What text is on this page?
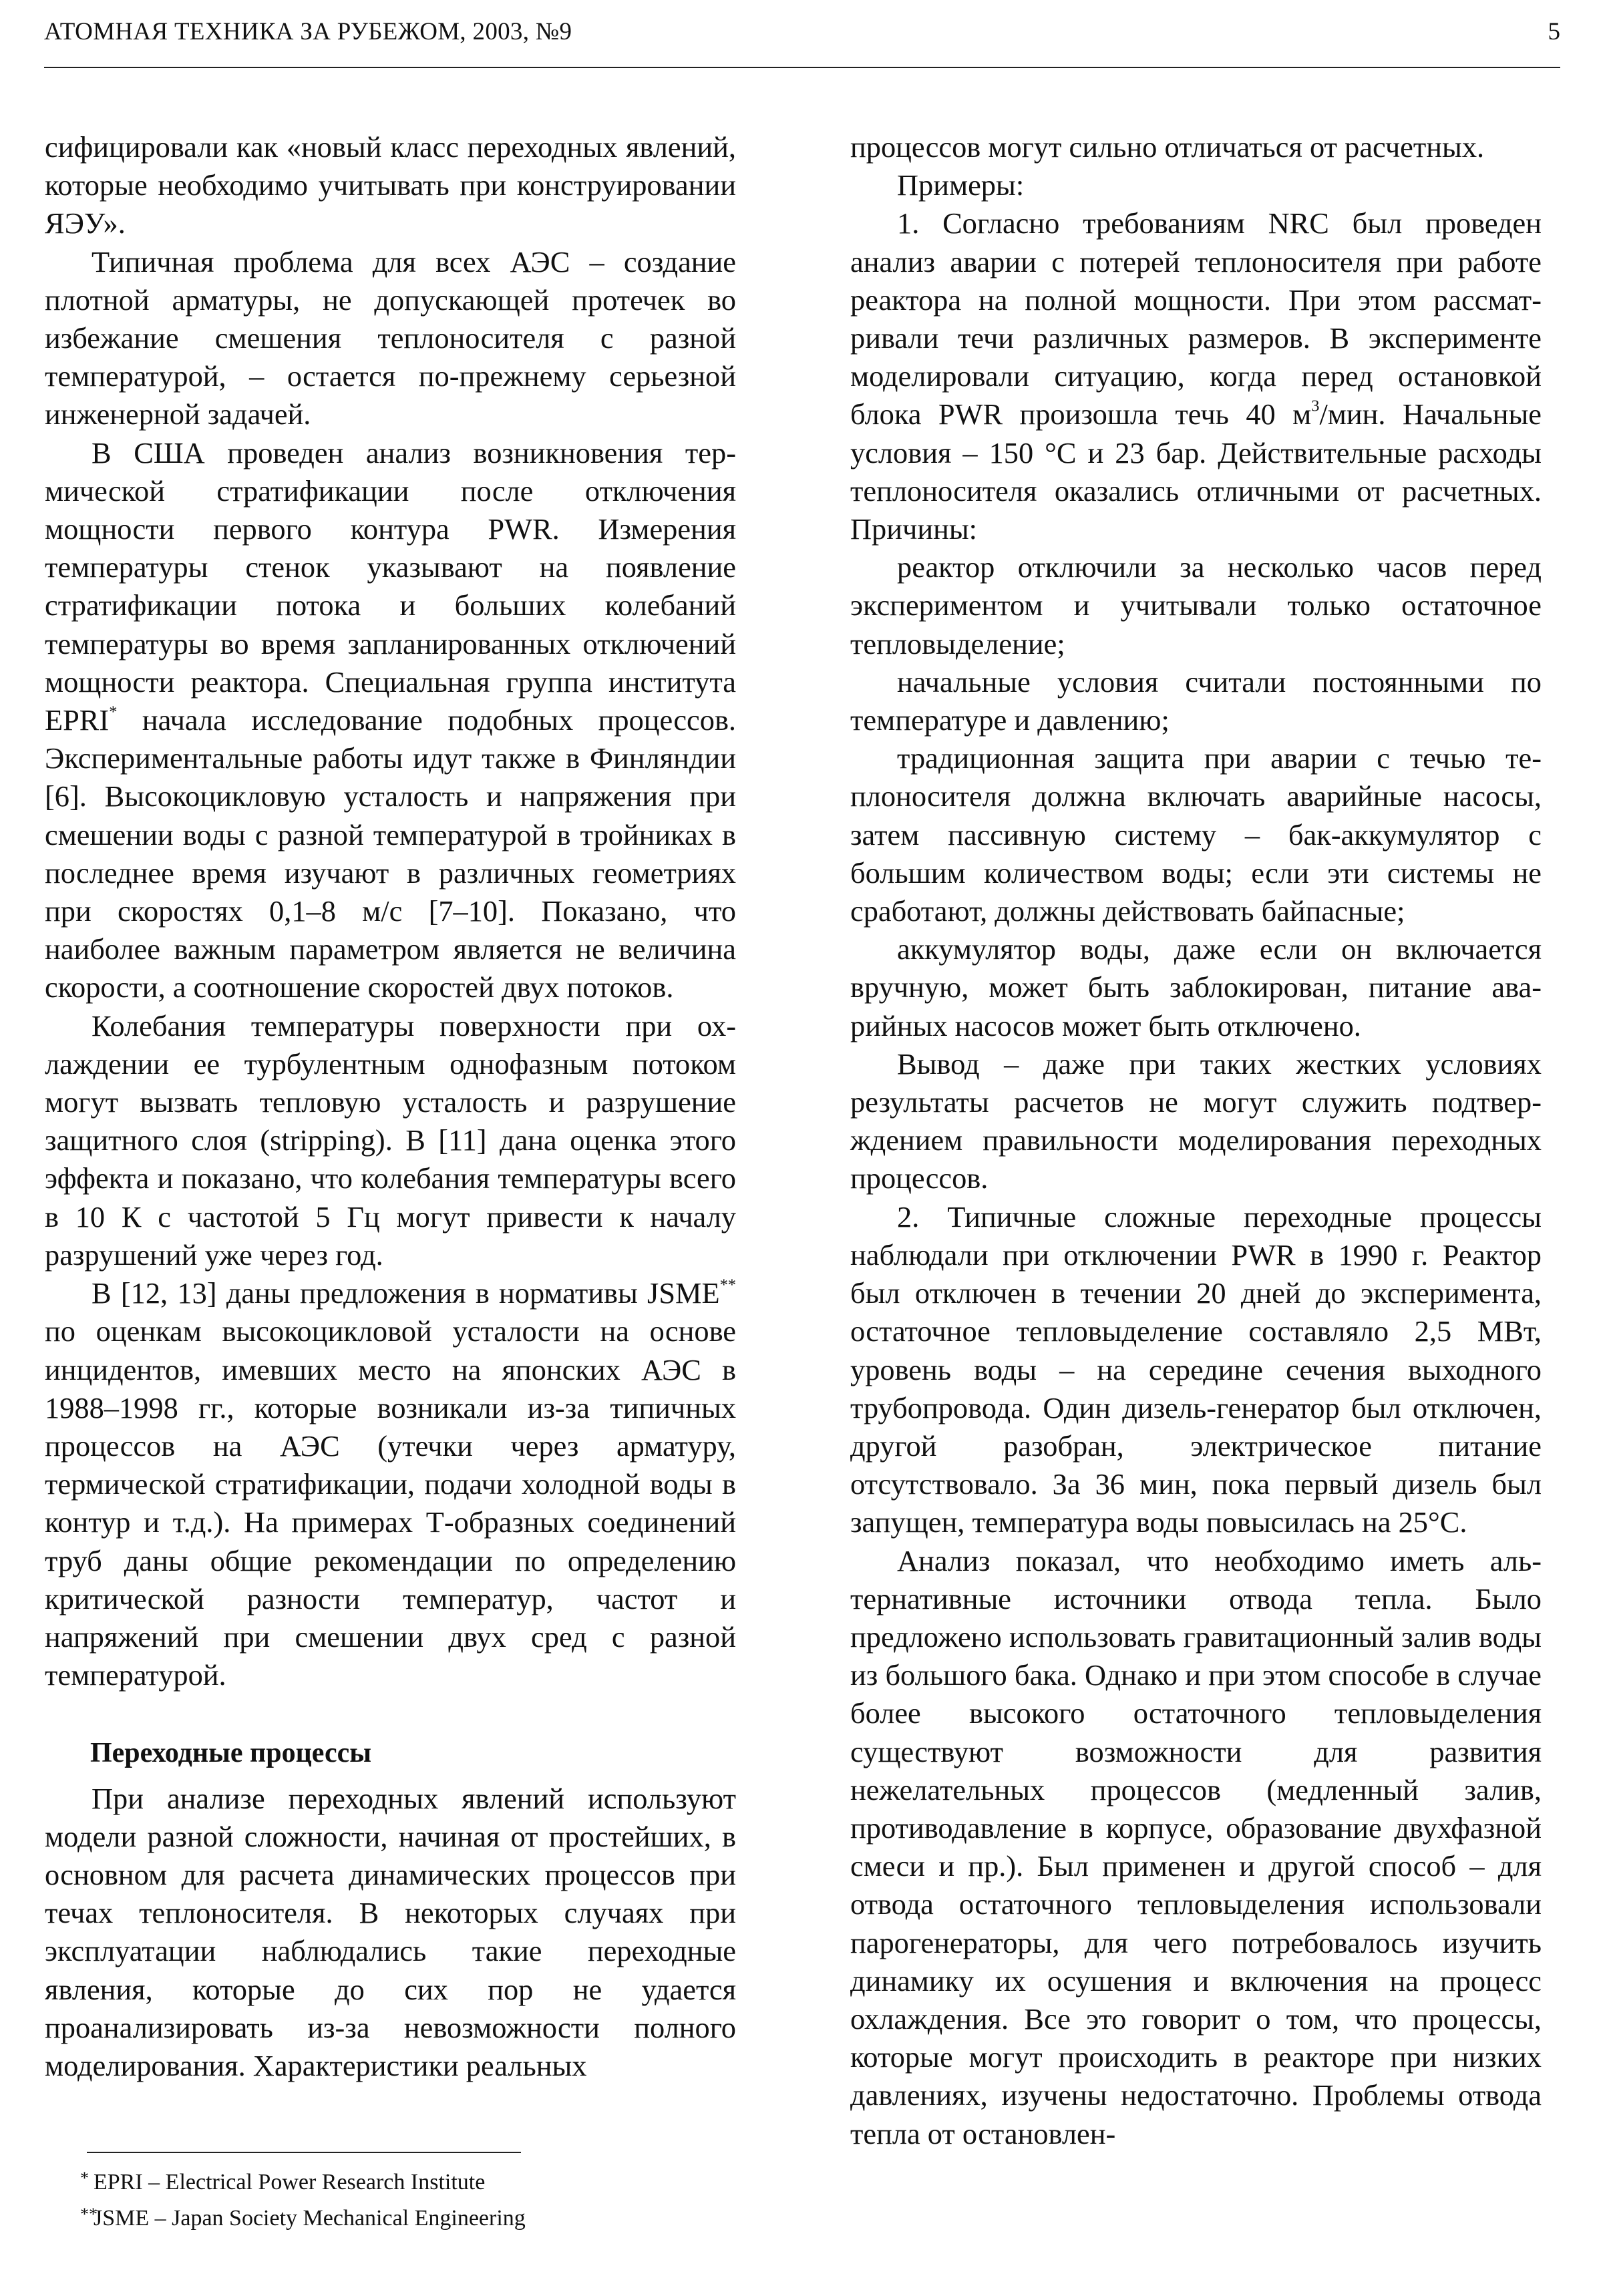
АТОМНАЯ ТЕХНИКА ЗА РУБЕЖОМ, 2003, №9	5

сифицировали как «новый класс переходных явлений, которые необходимо учитывать при конструировании ЯЭУ».

Типичная проблема для всех АЭС – создание плотной арматуры, не допускающей протечек во избежание смешения теплоносителя с разной температурой, – остается по-прежнему серьезной инженерной задачей.

В США проведен анализ возникновения термической стратификации после отключения мощности первого контура PWR. Измерения температуры стенок указывают на появление стратификации потока и больших колебаний температуры во время запланированных отключений мощности реактора. Специальная группа института EPRI* начала исследование подобных процессов. Экспериментальные работы идут также в Финляндии [6]. Высокоцикловую усталость и напряжения при смешении воды с разной температурой в тройниках в последнее время изучают в различных геометриях при скоростях 0,1–8 м/с [7–10]. Показано, что наиболее важным параметром является не величина скорости, а соотношение скоростей двух потоков.

Колебания температуры поверхности при охлаждении ее турбулентным однофазным потоком могут вызвать тепловую усталость и разрушение защитного слоя (stripping). В [11] дана оценка этого эффекта и показано, что колебания температуры всего в 10 К с частотой 5 Гц могут привести к началу разрушений уже через год.

В [12, 13] даны предложения в нормативы JSME** по оценкам высокоцикловой усталости на основе инцидентов, имевших место на японских АЭС в 1988–1998 гг., которые возникали из-за типичных процессов на АЭС (утечки через арматуру, термической стратификации, подачи холодной воды в контур и т.д.). На примерах Т-образных соединений труб даны общие рекомендации по определению критической разности температур, частот и напряжений при смешении двух сред с разной температурой.

Переходные процессы

При анализе переходных явлений используют модели разной сложности, начиная от простейших, в основном для расчета динамических процессов при течах теплоносителя. В некоторых случаях при эксплуатации наблюдались такие переходные явления, которые до сих пор не удается проанализировать из-за невозможности полного моделирования. Характеристики реальных

процессов могут сильно отличаться от расчетных.

Примеры:

1. Согласно требованиям NRC был проведен анализ аварии с потерей теплоносителя при работе реактора на полной мощности. При этом рассматривали течи различных размеров. В эксперименте моделировали ситуацию, когда перед остановкой блока PWR произошла течь 40 $м^3$/мин. Начальные условия – 150 °С и 23 бар. Действительные расходы теплоносителя оказались отличными от расчетных. Причины:

реактор отключили за несколько часов перед экспериментом и учитывали только остаточное тепловыделение;

начальные условия считали постоянными по температуре и давлению;

традиционная защита при аварии с течью теплоносителя должна включать аварийные насосы, затем пассивную систему – бак-аккумулятор с большим количеством воды; если эти системы не сработают, должны действовать байпасные;

аккумулятор воды, даже если он включается вручную, может быть заблокирован, питание аварийных насосов может быть отключено.

Вывод – даже при таких жестких условиях результаты расчетов не могут служить подтверждением правильности моделирования переходных процессов.

2. Типичные сложные переходные процессы наблюдали при отключении PWR в 1990 г. Реактор был отключен в течении 20 дней до эксперимента, остаточное тепловыделение составляло 2,5 МВт, уровень воды – на середине сечения выходного трубопровода. Один дизель-генератор был отключен, другой разобран, электрическое питание отсутствовало. За 36 мин, пока первый дизель был запущен, температура воды повысилась на 25°С.

Анализ показал, что необходимо иметь альтернативные источники отвода тепла. Было предложено использовать гравитационный залив воды из большого бака. Однако и при этом способе в случае более высокого остаточного тепловыделения существуют возможности для развития нежелательных процессов (медленный залив, противодавление в корпусе, образование двухфазной смеси и пр.). Был применен и другой способ – для отвода остаточного тепловыделения использовали парогенераторы, для чего потребовалось изучить динамику их осушения и включения на процесс охлаждения. Все это говорит о том, что процессы, которые могут происходить в реакторе при низких давлениях, изучены недостаточно. Проблемы отвода тепла от остановлен-

* EPRI – Electrical Power Research Institute
**JSME – Japan Society Mechanical Engineering
